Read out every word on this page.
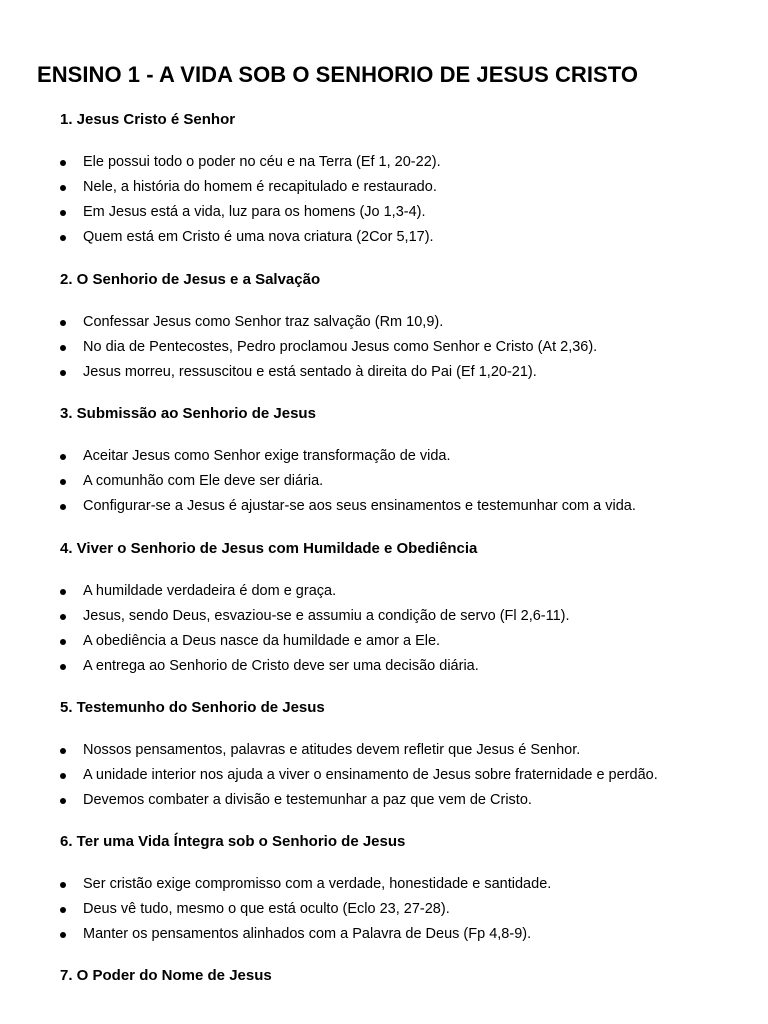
ENSINO 1 - A VIDA SOB O SENHORIO DE JESUS CRISTO
1. Jesus Cristo é Senhor
Ele possui todo o poder no céu e na Terra (Ef 1, 20-22).
Nele, a história do homem é recapitulado e restaurado.
Em Jesus está a vida, luz para os homens (Jo 1,3-4).
Quem está em Cristo é uma nova criatura (2Cor 5,17).
2. O Senhorio de Jesus e a Salvação
Confessar Jesus como Senhor traz salvação (Rm 10,9).
No dia de Pentecostes, Pedro proclamou Jesus como Senhor e Cristo (At 2,36).
Jesus morreu, ressuscitou e está sentado à direita do Pai (Ef 1,20-21).
3. Submissão ao Senhorio de Jesus
Aceitar Jesus como Senhor exige transformação de vida.
A comunhão com Ele deve ser diária.
Configurar-se a Jesus é ajustar-se aos seus ensinamentos e testemunhar com a vida.
4. Viver o Senhorio de Jesus com Humildade e Obediência
A humildade verdadeira é dom e graça.
Jesus, sendo Deus, esvaziou-se e assumiu a condição de servo (Fl 2,6-11).
A obediência a Deus nasce da humildade e amor a Ele.
A entrega ao Senhorio de Cristo deve ser uma decisão diária.
5. Testemunho do Senhorio de Jesus
Nossos pensamentos, palavras e atitudes devem refletir que Jesus é Senhor.
A unidade interior nos ajuda a viver o ensinamento de Jesus sobre fraternidade e perdão.
Devemos combater a divisão e testemunhar a paz que vem de Cristo.
6. Ter uma Vida Íntegra sob o Senhorio de Jesus
Ser cristão exige compromisso com a verdade, honestidade e santidade.
Deus vê tudo, mesmo o que está oculto (Eclo 23, 27-28).
Manter os pensamentos alinhados com a Palavra de Deus (Fp 4,8-9).
7. O Poder do Nome de Jesus
